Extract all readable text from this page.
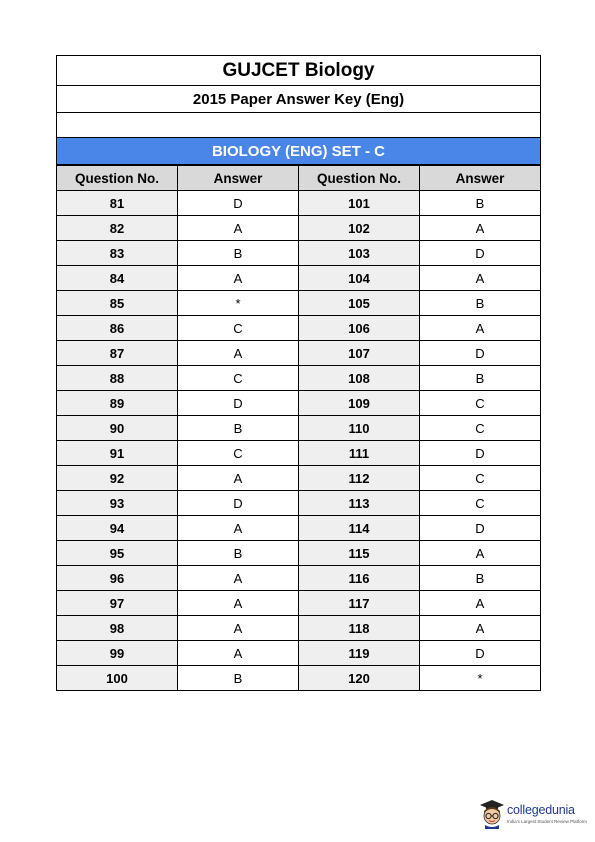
GUJCET Biology
2015 Paper Answer Key (Eng)
BIOLOGY (ENG) SET - C
Question No.	Answer	Question No.	Answer
81	D	101	B
82	A	102	A
83	B	103	D
84	A	104	A
85	*	105	B
86	C	106	A
87	A	107	D
88	C	108	B
89	D	109	C
90	B	110	C
91	C	111	D
92	A	112	C
93	D	113	C
94	A	114	D
95	B	115	A
96	A	116	B
97	A	117	A
98	A	118	A
99	A	119	D
100	B	120	*
collegedunia
India's Largest Student Review Platform
